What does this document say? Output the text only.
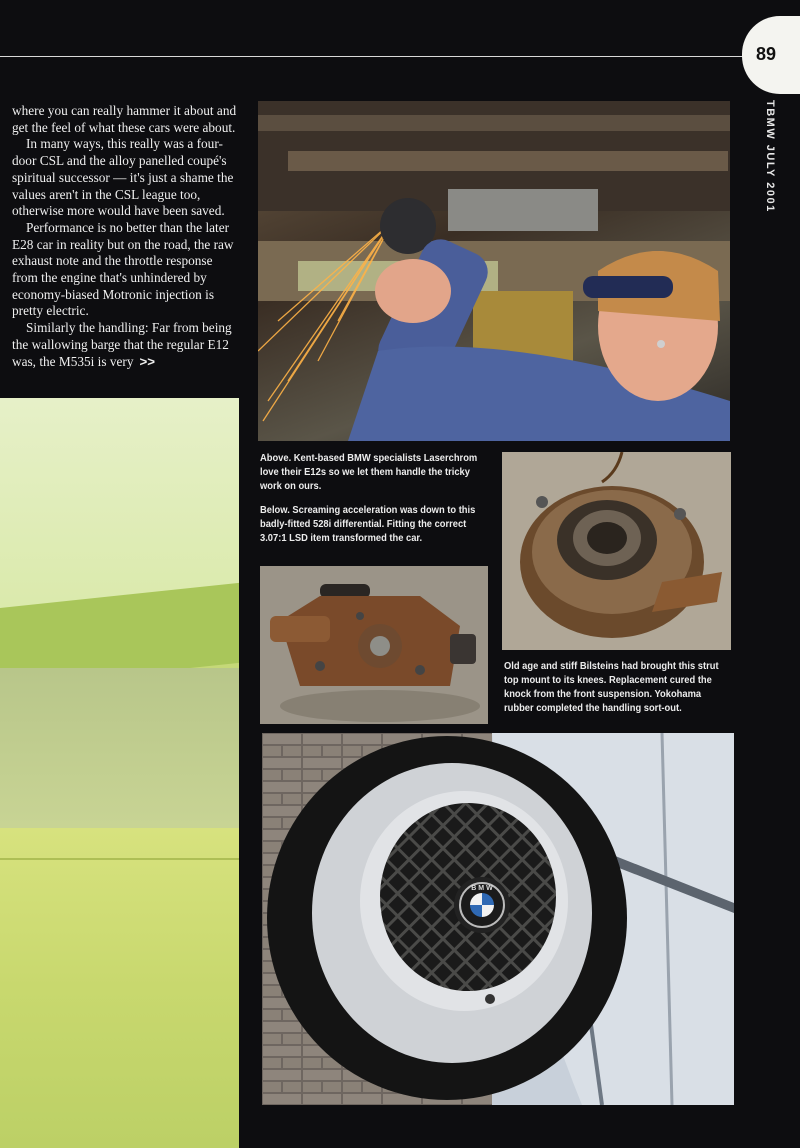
89
TBMW JULY 2001

where you can really hammer it about and get the feel of what these cars were about.

In many ways, this really was a four-door CSL and the alloy panelled coupé's spiritual successor — it's just a shame the values aren't in the CSL league too, otherwise more would have been saved.

Performance is no better than the later E28 car in reality but on the road, the raw exhaust note and the throttle response from the engine that's unhindered by economy-biased Motronic injection is pretty electric.

Similarly the handling: Far from being the wallowing barge that the regular E12 was, the M535i is very >>

Above. Kent-based BMW specialists Laserchrom love their E12s so we let them handle the tricky work on ours.

Below. Screaming acceleration was down to this badly-fitted 528i differential. Fitting the correct 3.07:1 LSD item transformed the car.

Old age and stiff Bilsteins had brought this strut top mount to its knees. Replacement cured the knock from the front suspension. Yokohama rubber completed the handling sort-out.
B M W
